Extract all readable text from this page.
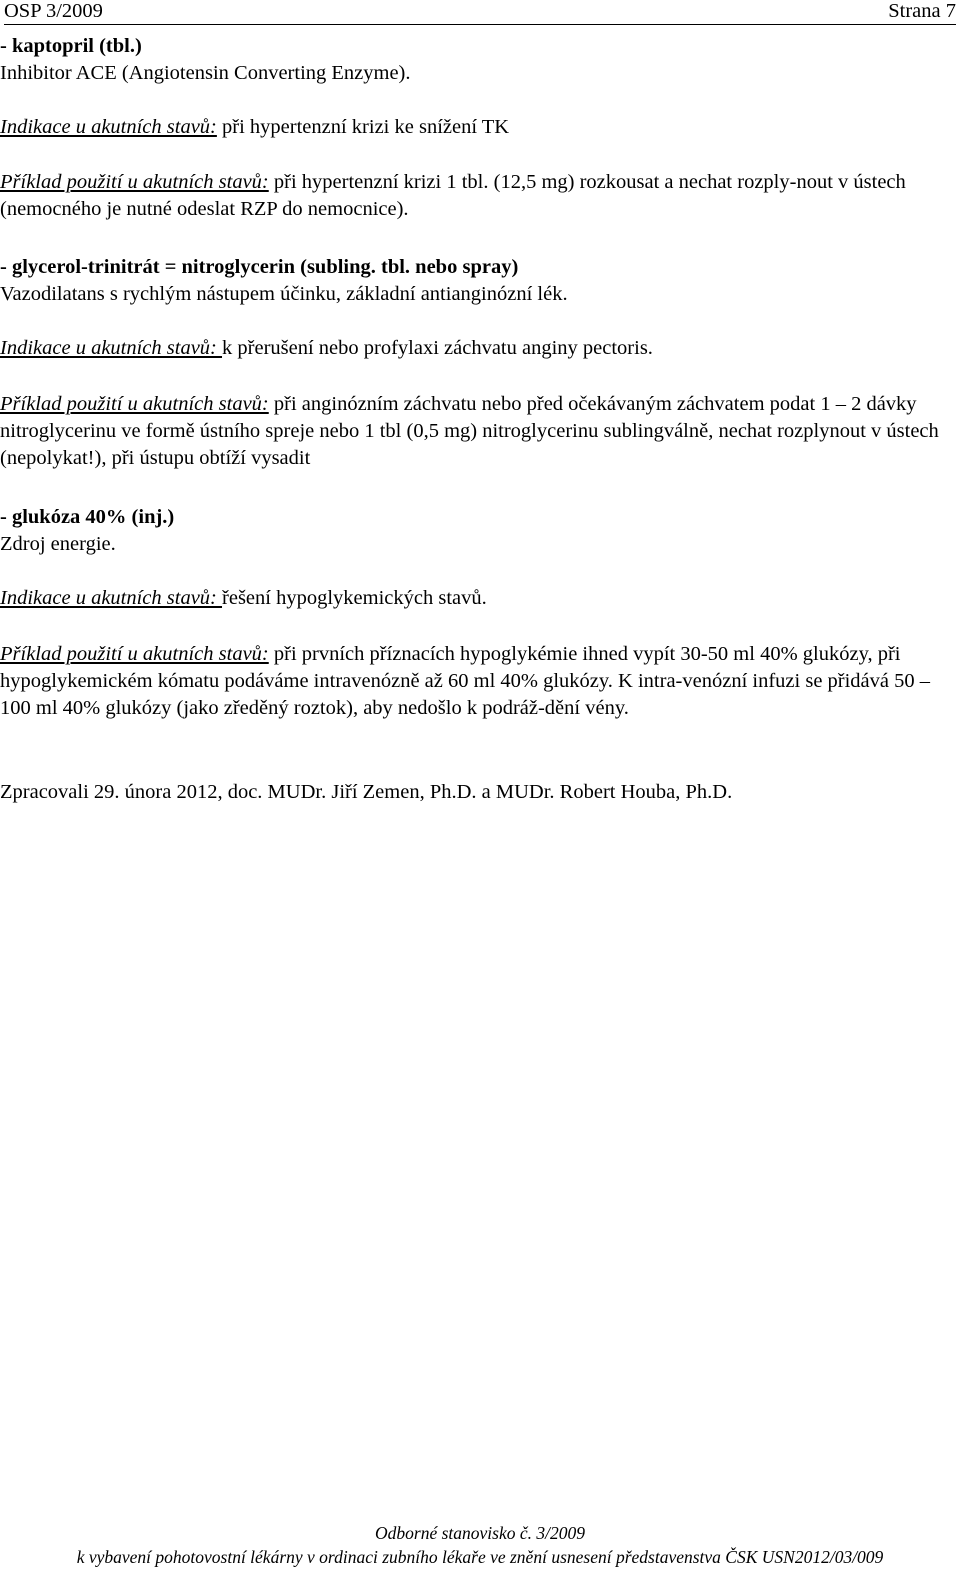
OSP 3/2009	Strana 7
- kaptopril (tbl.)
Inhibitor ACE (Angiotensin Converting Enzyme).
Indikace u akutních stavů: při hypertenzní krizi ke snížení TK
Příklad použití u akutních stavů: při hypertenzní krizi 1 tbl. (12,5 mg) rozkousat a nechat rozply-nout v ústech (nemocného je nutné odeslat RZP do nemocnice).
- glycerol-trinitrát = nitroglycerin (subling. tbl. nebo spray)
Vazodilatans s rychlým nástupem účinku, základní antianginózní lék.
Indikace u akutních stavů: k přerušení nebo profylaxi záchvatu anginy pectoris.
Příklad použití u akutních stavů: při anginózním záchvatu nebo před očekávaným záchvatem podat 1 – 2 dávky nitroglycerinu ve formě ústního spreje nebo 1 tbl (0,5 mg) nitroglycerinu sublingválně, nechat rozplynout v ústech (nepolykat!), při ústupu obtíží vysadit
- glukóza 40% (inj.)
Zdroj energie.
Indikace u akutních stavů: řešení hypoglykemických stavů.
Příklad použití u akutních stavů: při prvních příznacích hypoglykémie ihned vypít 30-50 ml 40% glukózy, při hypoglykemickém kómatu podáváme intravenózně až 60 ml 40% glukózy. K intra-venózní infuzi se přidává 50 – 100 ml 40% glukózy (jako zředěný roztok), aby nedošlo k podráž-dění vény.
Zpracovali 29. února 2012, doc. MUDr. Jiří Zemen, Ph.D. a MUDr. Robert Houba, Ph.D.
Odborné stanovisko č. 3/2009
k vybavení pohotovostní lékárny v ordinaci zubního lékaře ve znění usnesení představenstva ČSK USN2012/03/009
